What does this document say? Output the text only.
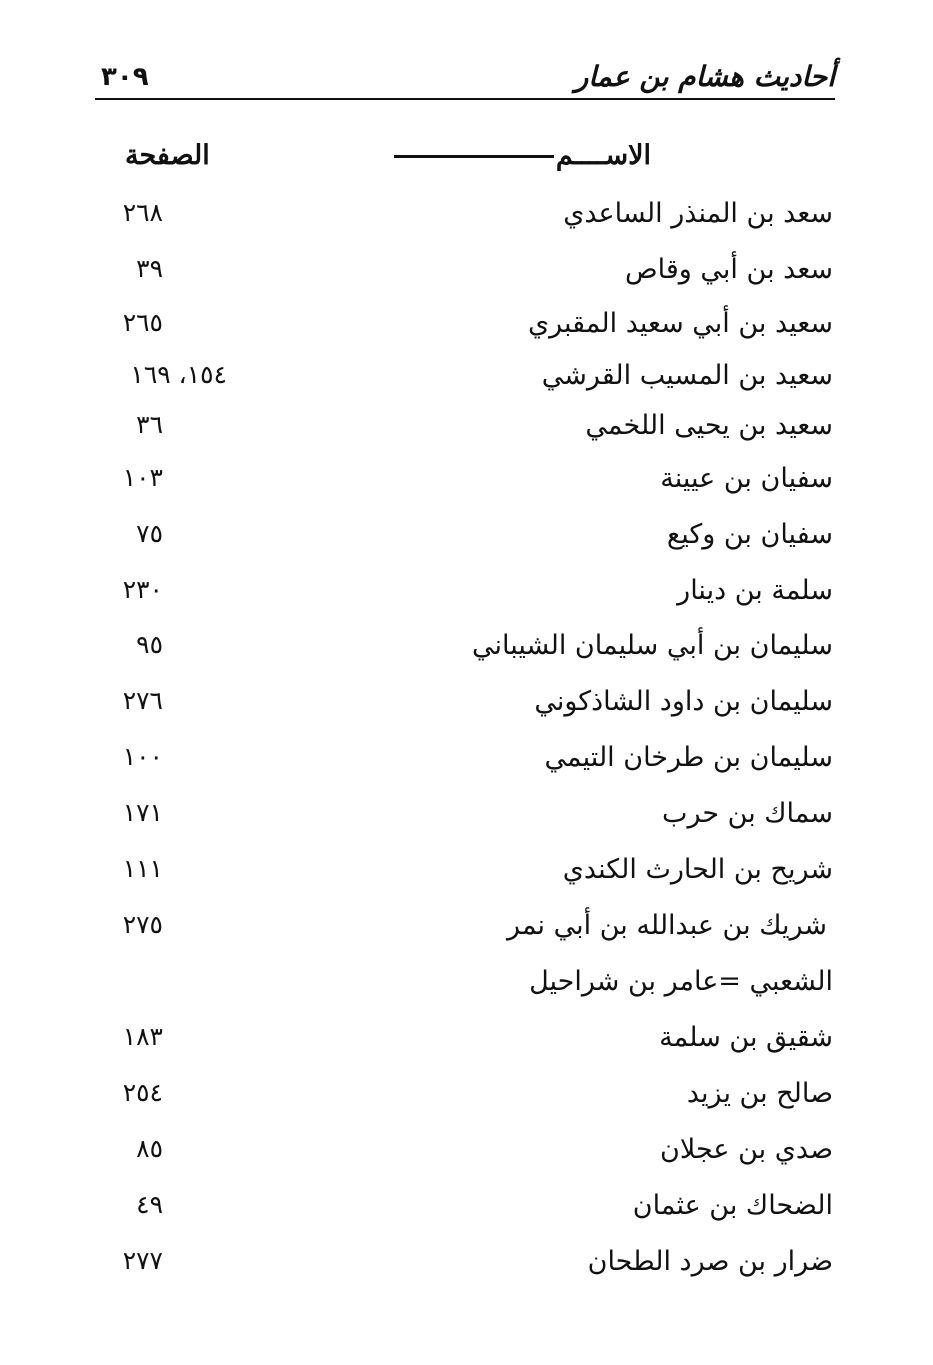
أحاديث هشام بن عمار
٣٠٩
الاســــم
الصفحة
سعد بن المنذر الساعدي
٢٦٨
سعد بن أبي وقاص
٣٩
سعيد بن أبي سعيد المقبري
٢٦٥
سعيد بن المسيب القرشي
١٥٤، ١٦٩
سعيد بن يحيى اللخمي
٣٦
سفيان بن عيينة
١٠٣
سفيان بن وكيع
٧٥
سلمة بن دينار
٢٣٠
سليمان بن أبي سليمان الشيباني
٩٥
سليمان بن داود الشاذكوني
٢٧٦
سليمان بن طرخان التيمي
١٠٠
سماك بن حرب
١٧١
شريح بن الحارث الكندي
١١١
شريك بن عبدالله بن أبي نمر
٢٧٥
الشعبي =عامر بن شراحيل
شقيق بن سلمة
١٨٣
صالح بن يزيد
٢٥٤
صدي بن عجلان
٨٥
الضحاك بن عثمان
٤٩
ضرار بن صرد الطحان
٢٧٧
